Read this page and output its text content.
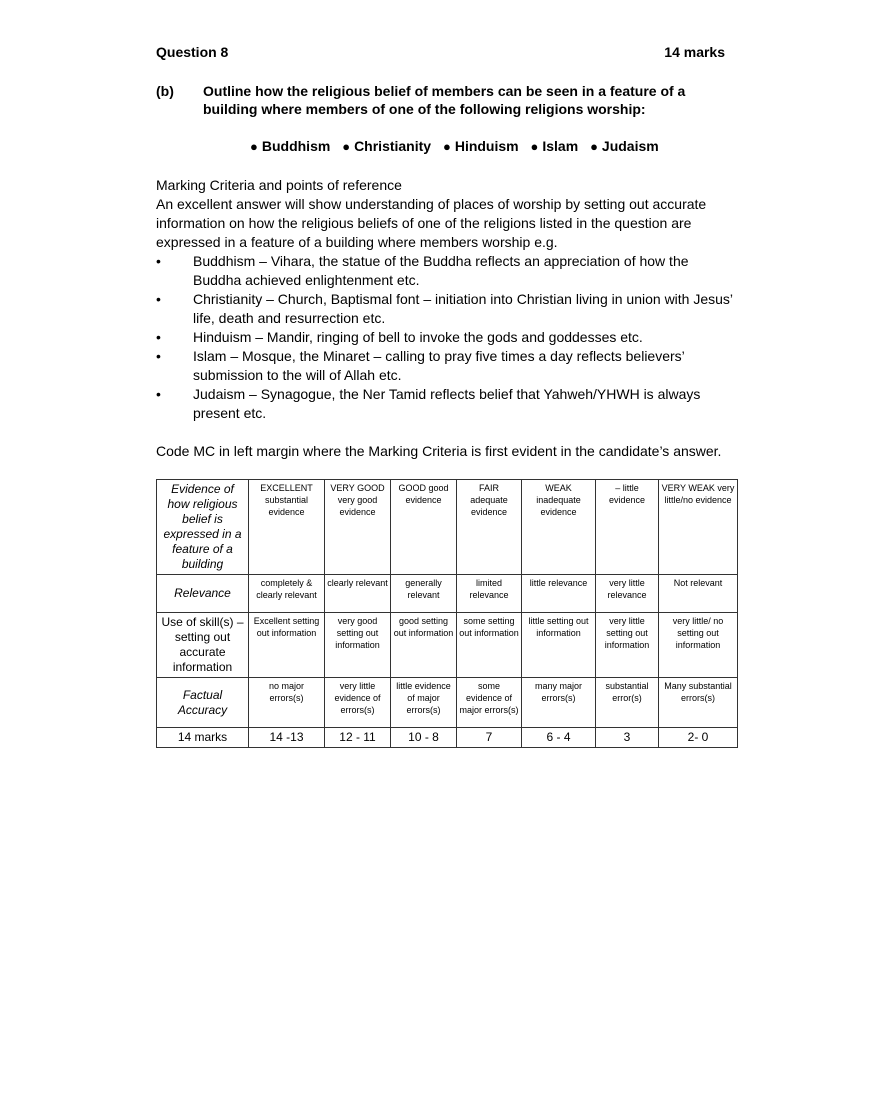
Question 8	14 marks
(b) Outline how the religious belief of members can be seen in a feature of a building where members of one of the following religions worship:
● Buddhism ● Christianity ● Hinduism ● Islam ● Judaism

Marking Criteria and points of reference

An excellent answer will show understanding of places of worship by setting out accurate information on how the religious beliefs of one of the religions listed in the question are expressed in a feature of a building where members worship e.g.

• Buddhism – Vihara, the statue of the Buddha reflects an appreciation of how the Buddha achieved enlightenment etc.
• Christianity – Church, Baptismal font – initiation into Christian living in union with Jesus’ life, death and resurrection etc.
• Hinduism – Mandir, ringing of bell to invoke the gods and goddesses etc.
• Islam – Mosque, the Minaret – calling to pray five times a day reflects believers’ submission to the will of Allah etc.
• Judaism – Synagogue, the Ner Tamid reflects belief that Yahweh/YHWH is always present etc.
Code MC in left margin where the Marking Criteria is first evident in the candidate’s answer.
Evidence of how religious belief is expressed in a feature of a building	EXCELLENT substantial evidence	VERY GOOD very good evidence	GOOD good evidence	FAIR adequate evidence	WEAK inadequate evidence	– little evidence	VERY WEAK very little/no evidence
Relevance	completely & clearly relevant	clearly relevant	generally relevant	limited relevance	little relevance	very little relevance	Not relevant
Use of skill(s) – setting out accurate information	Excellent setting out information	very good setting out information	good setting out information	some setting out information	little setting out information	very little setting out information	very little/ no setting out information
Factual Accuracy	no major errors(s)	very little evidence of errors(s)	little evidence of major errors(s)	some evidence of major errors(s)	many major errors(s)	substantial error(s)	Many substantial errors(s)
14 marks	14 -13	12 - 11	10 - 8	7	6 - 4	3	2- 0
